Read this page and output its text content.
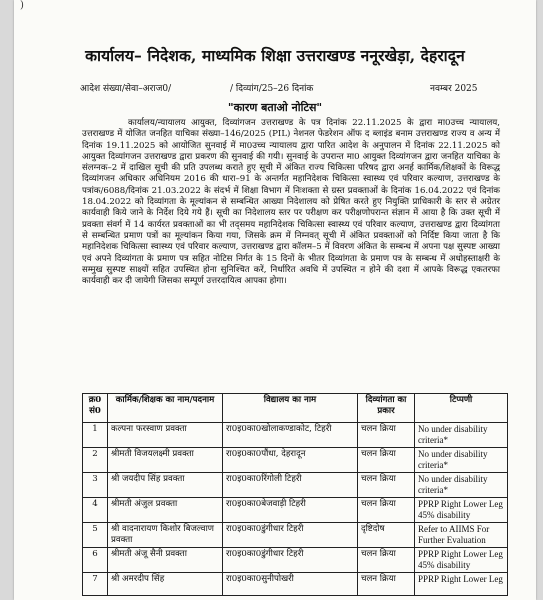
)
कार्यालय– निदेशक, माध्यमिक शिक्षा उत्तराखण्ड ननूरखेड़ा, देहरादून
आदेश संख्या/सेवा–अराज0/	/ दिव्यांग/25–26 दिनांक	नवम्बर 2025
"कारण बताओ नोटिस"
कार्यालय/न्यायालय आयुक्त, दिव्यांगजन उत्तराखण्ड के पत्र दिनांक 22.11.2025 के द्वारा मा0उच्च न्यायालय, उत्तराखण्ड में योजित जनहित याचिका संख्या–146/2025 (PIL) नेशनल फेडरेशन ऑफ द ब्लाइंड बनाम उत्तराखण्ड राज्य व अन्य में दिनांक 19.11.2025 को आयोजित सुनवाई में मा0उच्च न्यायालय द्वारा पारित आदेश के अनुपालन में दिनांक 22.11.2025 को आयुक्त दिव्यांगजन उत्तराखण्ड द्वारा प्रकरण की सुनवाई की गयी। सुनवाई के उपरान्त मा0 आयुक्त दिव्यांगजन द्वारा जनहित याचिका के संलग्नक–2 में दाखिल सूची की प्रति उपलब्ध कराते हुए सूची में अंकित राज्य चिकित्सा परिषद द्वारा अनर्ह कार्मिक/शिक्षकों के विरूद्ध दिव्यांगजन अधिकार अधिनियम 2016 की धारा–91 के अन्तर्गत महानिदेशक चिकित्सा स्वास्थ्य एवं परिवार कल्याण, उत्तराखण्ड के पत्रांक/6088/दिनांक 21.03.2022 के संदर्भ में शिक्षा विभाग में निःशक्ता से ग्रस्त प्रवक्ताओं के दिनांक 16.04.2022 एवं दिनांक 18.04.2022 को दिव्यांगता के मूल्यांकन से सम्बन्धित आख्या निदेशालय को प्रेषित करते हुए नियुक्ति प्राधिकारी के स्तर से अग्रेतर कार्यवाही किये जाने के निर्देश दिये गये हैं। सूची का निदेशालय स्तर पर परीक्षण कर परीक्षणोपरान्त संज्ञान में आया है कि उक्त सूची में प्रवक्ता संवर्ग में 14 कार्यरत प्रवक्ताओं का भी तद्समय महानिदेशक चिकित्सा स्वास्थ्य एवं परिवार कल्याण, उत्तराखण्ड द्वारा दिव्यांगता से सम्बन्धित प्रमाण पत्रों का मूल्यांकन किया गया, जिसके क्रम में निम्नवत् सूची में अंकित प्रवक्ताओं को निर्दिष्ट किया जाता है कि महानिदेशक चिकित्सा स्वास्थ्य एवं परिवार कल्याण, उत्तराखण्ड द्वारा कॉलम–5 में विवरण अंकित के सम्बन्ध में अपना पक्ष सुस्पष्ट आख्या एवं अपने दिव्यांगता के प्रमाण पत्र सहित नोटिस निर्गत के 15 दिनों के भीतर दिव्यांगता के प्रमाण पत्र के सम्बन्ध में अधोहस्ताक्षरी के सम्मुख सुस्पष्ट साक्ष्यों सहित उपस्थित होना सुनिश्चित करें, निर्धारित अवधि में उपस्थित न होने की दशा में आपके विरूद्ध एकतरफा कार्यवाही कर दी जायेगी जिसका सम्पूर्ण उत्तरदायित्व आपका होगा।
क्र0 सं0	कार्मिक/शिक्षक का नाम/पदनाम	विद्यालय का नाम	दिव्यांगता का प्रकार	टिप्पणी
1	कल्पना फरस्वाण प्रवक्ता	रा0इ0का0खोलाकण्डाकोट, टिहरी	चलन क्रिया	No under disability criteria*
2	श्रीमती विजयलक्ष्मी प्रवक्ता	रा0इ0का0पौंधा, देहरादून	चलन क्रिया	No under disability criteria*
3	श्री जयदीप सिंह प्रवक्ता	रा0इ0का0रिंगोली टिहरी	चलन क्रिया	No under disability criteria*
4	श्रीमती अंजुल प्रवक्ता	रा0इ0का0बेजवाड़ी टिहरी	चलन क्रिया	PPRP Right Lower Leg 45% disability
5	श्री वादनारायण किशोर बिजल्वाण प्रवक्ता	रा0इ0का0डुंगीधार टिहरी	दृष्टिदोष	Refer to AIIMS For Further Evaluation
6	श्रीमती अंजू सैनी प्रवक्ता	रा0इ0का0डुंगीधार टिहरी	चलन क्रिया	PPRP Right Lower Leg 45% disability
7	श्री अमरदीप सिंह	रा0इ0का0सुनीपोखरी	चलन क्रिया	PPRP Right Lower Leg
